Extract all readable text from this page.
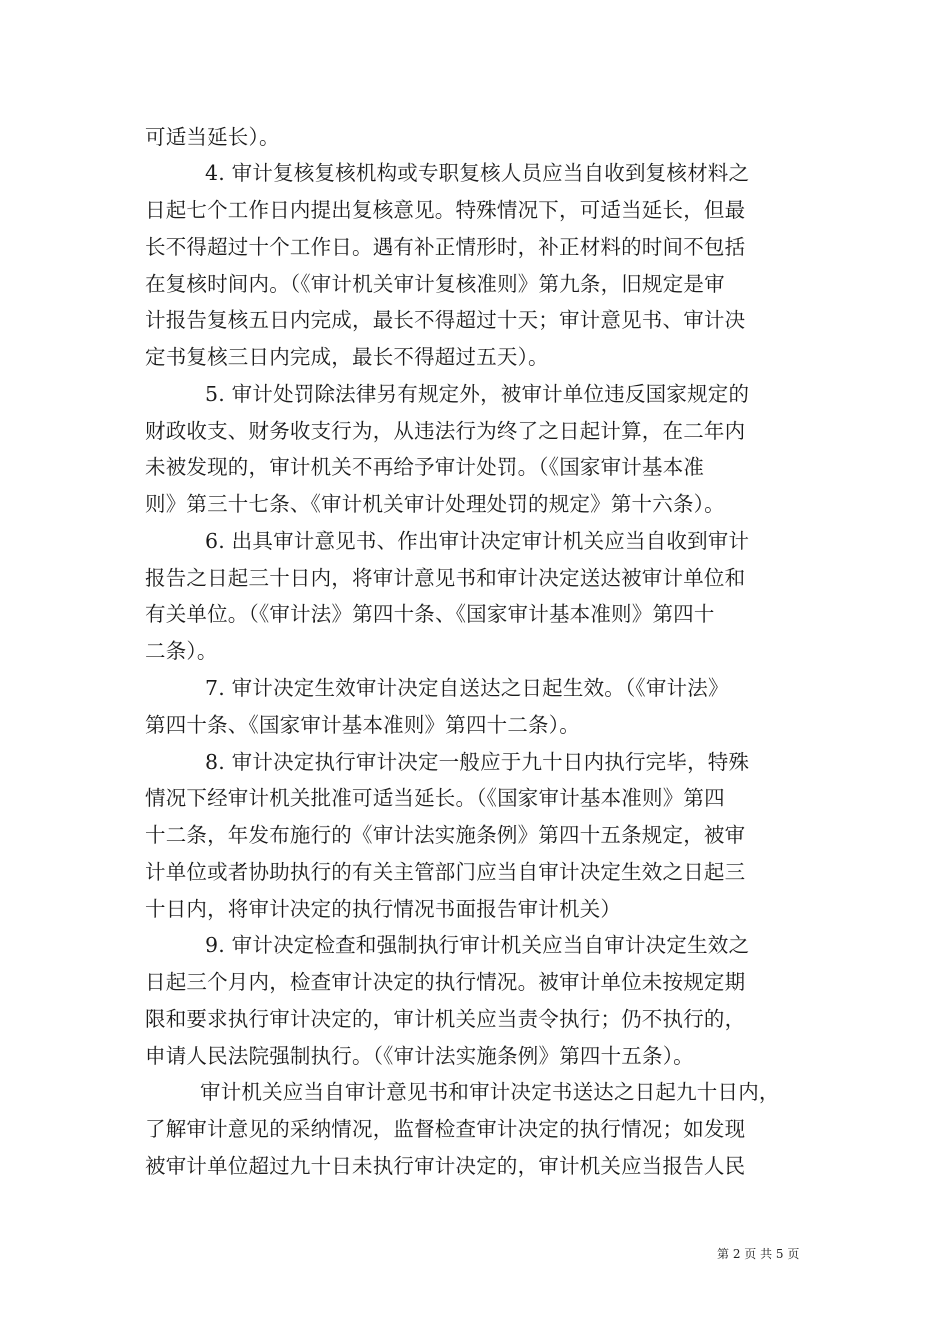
可适当延长）。
4. 审计复核复核机构或专职复核人员应当自收到复核材料之
日起七个工作日内提出复核意见。特殊情况下，可适当延长，但最
长不得超过十个工作日。遇有补正情形时，补正材料的时间不包括
在复核时间内。（《审计机关审计复核准则》第九条，旧规定是审
计报告复核五日内完成，最长不得超过十天；审计意见书、审计决
定书复核三日内完成，最长不得超过五天）。
5. 审计处罚除法律另有规定外，被审计单位违反国家规定的
财政收支、财务收支行为，从违法行为终了之日起计算，在二年内
未被发现的，审计机关不再给予审计处罚。（《国家审计基本准
则》第三十七条、《审计机关审计处理处罚的规定》第十六条）。
6. 出具审计意见书、作出审计决定审计机关应当自收到审计
报告之日起三十日内，将审计意见书和审计决定送达被审计单位和
有关单位。（《审计法》第四十条、《国家审计基本准则》第四十
二条）。
7. 审计决定生效审计决定自送达之日起生效。（《审计法》
第四十条、《国家审计基本准则》第四十二条）。
8. 审计决定执行审计决定一般应于九十日内执行完毕，特殊
情况下经审计机关批准可适当延长。（《国家审计基本准则》第四
十二条，年发布施行的《审计法实施条例》第四十五条规定，被审
计单位或者协助执行的有关主管部门应当自审计决定生效之日起三
十日内，将审计决定的执行情况书面报告审计机关）
9. 审计决定检查和强制执行审计机关应当自审计决定生效之
日起三个月内，检查审计决定的执行情况。被审计单位未按规定期
限和要求执行审计决定的，审计机关应当责令执行；仍不执行的，
申请人民法院强制执行。（《审计法实施条例》第四十五条）。
审计机关应当自审计意见书和审计决定书送达之日起九十日内，
了解审计意见的采纳情况，监督检查审计决定的执行情况；如发现
被审计单位超过九十日未执行审计决定的，审计机关应当报告人民
第 2 页 共 5 页
